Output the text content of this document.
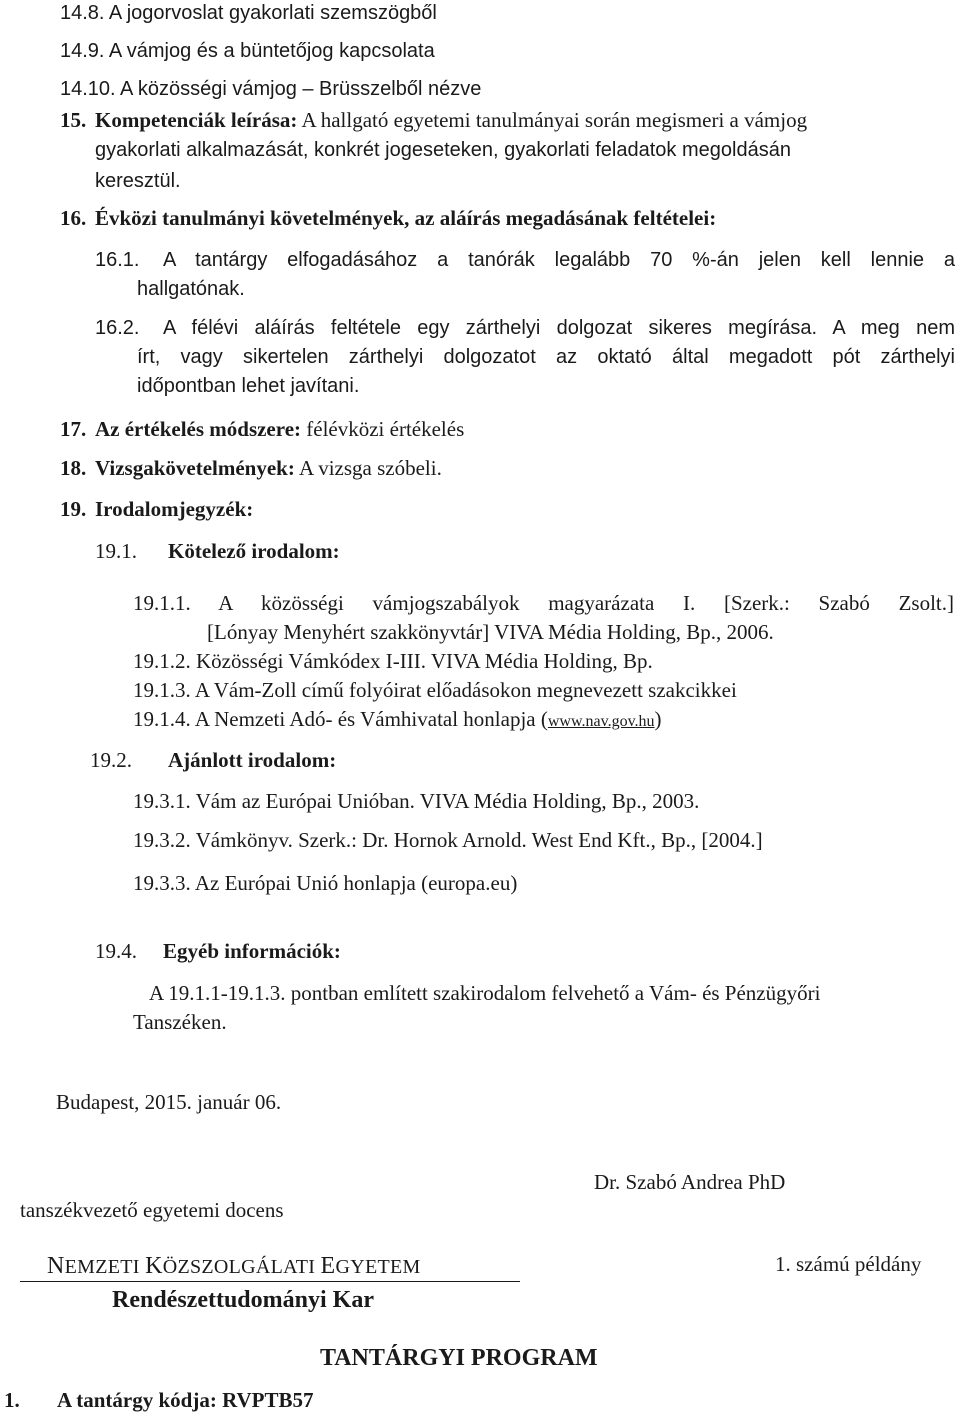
14.8. A jogorvoslat gyakorlati szemszögből
14.9. A vámjog és a büntetőjog kapcsolata
14.10. A közösségi vámjog – Brüsszelből nézve
15. Kompetenciák leírása: A hallgató egyetemi tanulmányai során megismeri a vámjog
gyakorlati alkalmazását, konkrét jogeseteken, gyakorlati feladatok megoldásán
keresztül.
16. Évközi tanulmányi követelmények, az aláírás megadásának feltételei:
16.1. A tantárgy elfogadásához a tanórák legalább 70 %-án jelen kell lennie a
hallgatónak.
16.2. A félévi aláírás feltétele egy zárthelyi dolgozat sikeres megírása. A meg nem
írt, vagy sikertelen zárthelyi dolgozatot az oktató által megadott pót zárthelyi
időpontban lehet javítani.
17. Az értékelés módszere: félévközi értékelés
18. Vizsgakövetelmények: A vizsga szóbeli.
19. Irodalomjegyzék:
19.1. Kötelező irodalom:
19.1.1. A közösségi vámjogszabályok magyarázata I. [Szerk.: Szabó Zsolt.]
[Lónyay Menyhért szakkönyvtár] VIVA Média Holding, Bp., 2006.
19.1.2. Közösségi Vámkódex I-III. VIVA Média Holding, Bp.
19.1.3. A Vám-Zoll című folyóirat előadásokon megnevezett szakcikkei
19.1.4. A Nemzeti Adó- és Vámhivatal honlapja (www.nav.gov.hu)
19.2. Ajánlott irodalom:
19.3.1. Vám az Európai Unióban. VIVA Média Holding, Bp., 2003.
19.3.2. Vámkönyv. Szerk.: Dr. Hornok Arnold. West End Kft., Bp., [2004.]
19.3.3. Az Európai Unió honlapja (europa.eu)
19.4. Egyéb információk:
A 19.1.1-19.1.3. pontban említett szakirodalom felvehető a Vám- és Pénzügyőri
Tanszéken.
Budapest, 2015. január 06.
Dr. Szabó Andrea PhD
tanszékvezető egyetemi docens
NEMZETI KÖZSZOLGÁLATI EGYETEM	1. számú példány
Rendészettudományi Kar
TANTÁRGYI PROGRAM
1. A tantárgy kódja: RVPTB57
